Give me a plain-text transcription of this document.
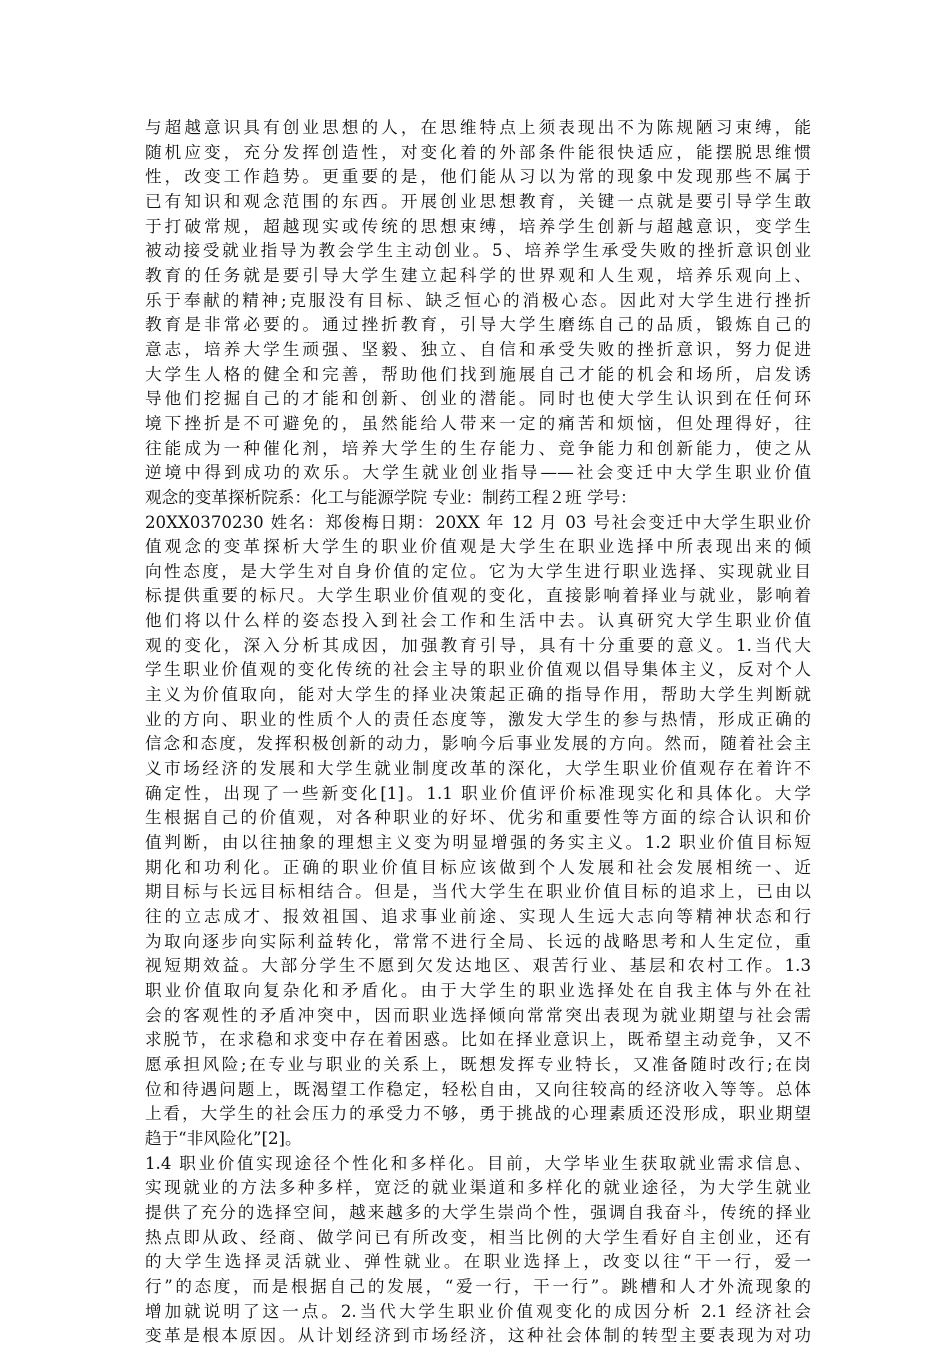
与超越意识具有创业思想的人，在思维特点上须表现出不为陈规陋习束缚，能
随机应变，充分发挥创造性，对变化着的外部条件能很快适应，能摆脱思维惯
性，改变工作趋势。更重要的是，他们能从习以为常的现象中发现那些不属于
已有知识和观念范围的东西。开展创业思想教育，关键一点就是要引导学生敢
于打破常规，超越现实或传统的思想束缚，培养学生创新与超越意识，变学生
被动接受就业指导为教会学生主动创业。5、培养学生承受失败的挫折意识创业
教育的任务就是要引导大学生建立起科学的世界观和人生观，培养乐观向上、
乐于奉献的精神;克服没有目标、缺乏恒心的消极心态。因此对大学生进行挫折
教育是非常必要的。通过挫折教育，引导大学生磨练自己的品质，锻炼自己的
意志，培养大学生顽强、坚毅、独立、自信和承受失败的挫折意识，努力促进
大学生人格的健全和完善，帮助他们找到施展自己才能的机会和场所，启发诱
导他们挖掘自己的才能和创新、创业的潜能。同时也使大学生认识到在任何环
境下挫折是不可避免的，虽然能给人带来一定的痛苦和烦恼，但处理得好，往
往能成为一种催化剂，培养大学生的生存能力、竞争能力和创新能力，使之从
逆境中得到成功的欢乐。大学生就业创业指导——社会变迁中大学生职业价值
观念的变革探析院系：化工与能源学院 专业：制药工程２班 学号：
20XX0370230 姓名：郑俊梅日期：20XX 年 12 月 03 号社会变迁中大学生职业价
值观念的变革探析大学生的职业价值观是大学生在职业选择中所表现出来的倾
向性态度，是大学生对自身价值的定位。它为大学生进行职业选择、实现就业目
标提供重要的标尺。大学生职业价值观的变化，直接影响着择业与就业，影响着
他们将以什么样的姿态投入到社会工作和生活中去。认真研究大学生职业价值
观的变化，深入分析其成因，加强教育引导，具有十分重要的意义。1.当代大
学生职业价值观的变化传统的社会主导的职业价值观以倡导集体主义，反对个人
主义为价值取向，能对大学生的择业决策起正确的指导作用，帮助大学生判断就
业的方向、职业的性质个人的责任态度等，激发大学生的参与热情，形成正确的
信念和态度，发挥积极创新的动力，影响今后事业发展的方向。然而，随着社会主
义市场经济的发展和大学生就业制度改革的深化，大学生职业价值观存在着许不
确定性，出现了一些新变化[1]。1.1 职业价值评价标准现实化和具体化。大学
生根据自己的价值观，对各种职业的好坏、优劣和重要性等方面的综合认识和价
值判断，由以往抽象的理想主义变为明显增强的务实主义。1.2 职业价值目标短
期化和功利化。正确的职业价值目标应该做到个人发展和社会发展相统一、近
期目标与长远目标相结合。但是，当代大学生在职业价值目标的追求上，已由以
往的立志成才、报效祖国、追求事业前途、实现人生远大志向等精神状态和行
为取向逐步向实际利益转化，常常不进行全局、长远的战略思考和人生定位，重
视短期效益。大部分学生不愿到欠发达地区、艰苦行业、基层和农村工作。1.3
职业价值取向复杂化和矛盾化。由于大学生的职业选择处在自我主体与外在社
会的客观性的矛盾冲突中，因而职业选择倾向常常突出表现为就业期望与社会需
求脱节，在求稳和求变中存在着困惑。比如在择业意识上，既希望主动竞争，又不
愿承担风险;在专业与职业的关系上，既想发挥专业特长，又准备随时改行;在岗
位和待遇问题上，既渴望工作稳定，轻松自由，又向往较高的经济收入等等。总体
上看，大学生的社会压力的承受力不够，勇于挑战的心理素质还没形成，职业期望
趋于“非风险化”[2]。
1.4 职业价值实现途径个性化和多样化。目前，大学毕业生获取就业需求信息、
实现就业的方法多种多样，宽泛的就业渠道和多样化的就业途径，为大学生就业
提供了充分的选择空间，越来越多的大学生崇尚个性，强调自我奋斗，传统的择业
热点即从政、经商、做学问已有所改变，相当比例的大学生看好自主创业，还有
的大学生选择灵活就业、弹性就业。在职业选择上，改变以往“干一行，爱一
行”的态度，而是根据自己的发展，“爱一行，干一行”。跳槽和人才外流现象的
增加就说明了这一点。2.当代大学生职业价值观变化的成因分析 2.1 经济社会
变革是根本原因。从计划经济到市场经济，这种社会体制的转型主要表现为对功
